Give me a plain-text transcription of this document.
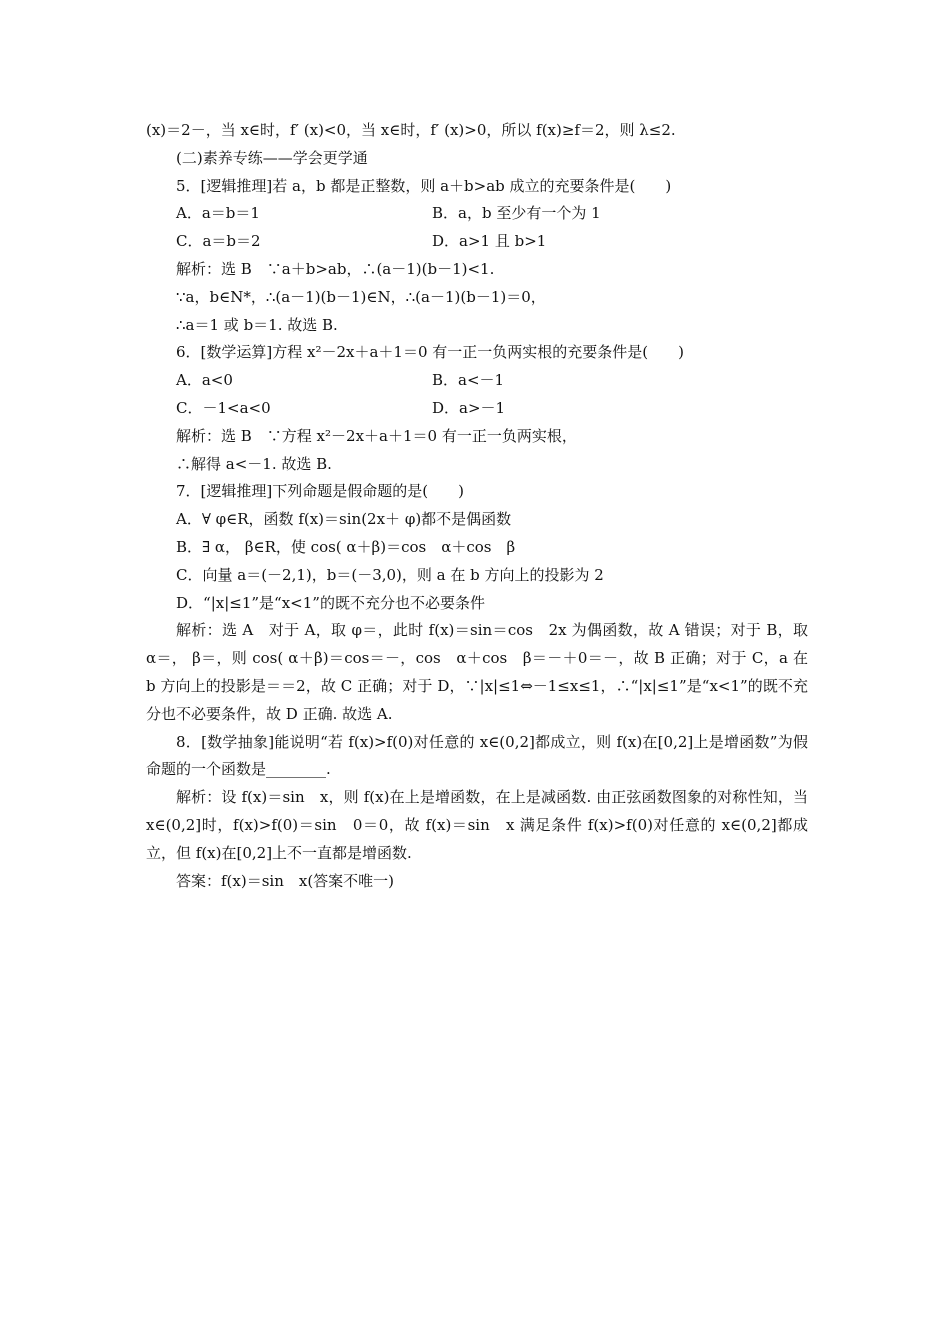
(x)＝2－，当 x∈时，f′ (x)<0，当 x∈时，f′ (x)>0，所以 f(x)≥f＝2，则 λ≤2.
(二)素养专练——学会更学通
5．[逻辑推理]若 a，b 都是正整数，则 a＋b>ab 成立的充要条件是(　　)
A．a＝b＝1	B．a，b 至少有一个为 1
C．a＝b＝2	D．a>1 且 b>1
解析：选 B　∵a＋b>ab，∴(a－1)(b－1)<1.
∵a，b∈N*，∴(a－1)(b－1)∈N，∴(a－1)(b－1)＝0，
∴a＝1 或 b＝1. 故选 B.
6．[数学运算]方程 x²－2x＋a＋1＝0 有一正一负两实根的充要条件是(　　)
A．a<0	B．a<－1
C．－1<a<0	D．a>－1
解析：选 B　∵方程 x²－2x＋a＋1＝0 有一正一负两实根，
∴解得 a<－1. 故选 B.
7．[逻辑推理]下列命题是假命题的是(　　)
A．∀ φ∈R，函数 f(x)＝sin(2x＋ φ)都不是偶函数
B．∃ α， β∈R，使 cos( α＋β)＝cos　α＋cos　β
C．向量 a＝(－2,1)，b＝(－3,0)，则 a 在 b 方向上的投影为 2
D．“|x|≤1”是“x<1”的既不充分也不必要条件
解析：选 A　对于 A，取 φ＝，此时 f(x)＝sin＝cos　2x 为偶函数，故 A 错误；对于 B，取 α＝， β＝，则 cos( α＋β)＝cos＝－，cos　α＋cos　β＝－＋0＝－，故 B 正确；对于 C，a 在 b 方向上的投影是＝＝2，故 C 正确；对于 D，∵|x|≤1⇔－1≤x≤1，∴“|x|≤1”是“x<1”的既不充分也不必要条件，故 D 正确. 故选 A.
8．[数学抽象]能说明“若 f(x)>f(0)对任意的 x∈(0,2]都成立，则 f(x)在[0,2]上是增函数”为假命题的一个函数是________.
解析：设 f(x)＝sin　x，则 f(x)在上是增函数，在上是减函数. 由正弦函数图象的对称性知，当 x∈(0,2]时，f(x)>f(0)＝sin　0＝0，故 f(x)＝sin　x 满足条件 f(x)>f(0)对任意的 x∈(0,2]都成立，但 f(x)在[0,2]上不一直都是增函数.
答案：f(x)＝sin　x(答案不唯一)
